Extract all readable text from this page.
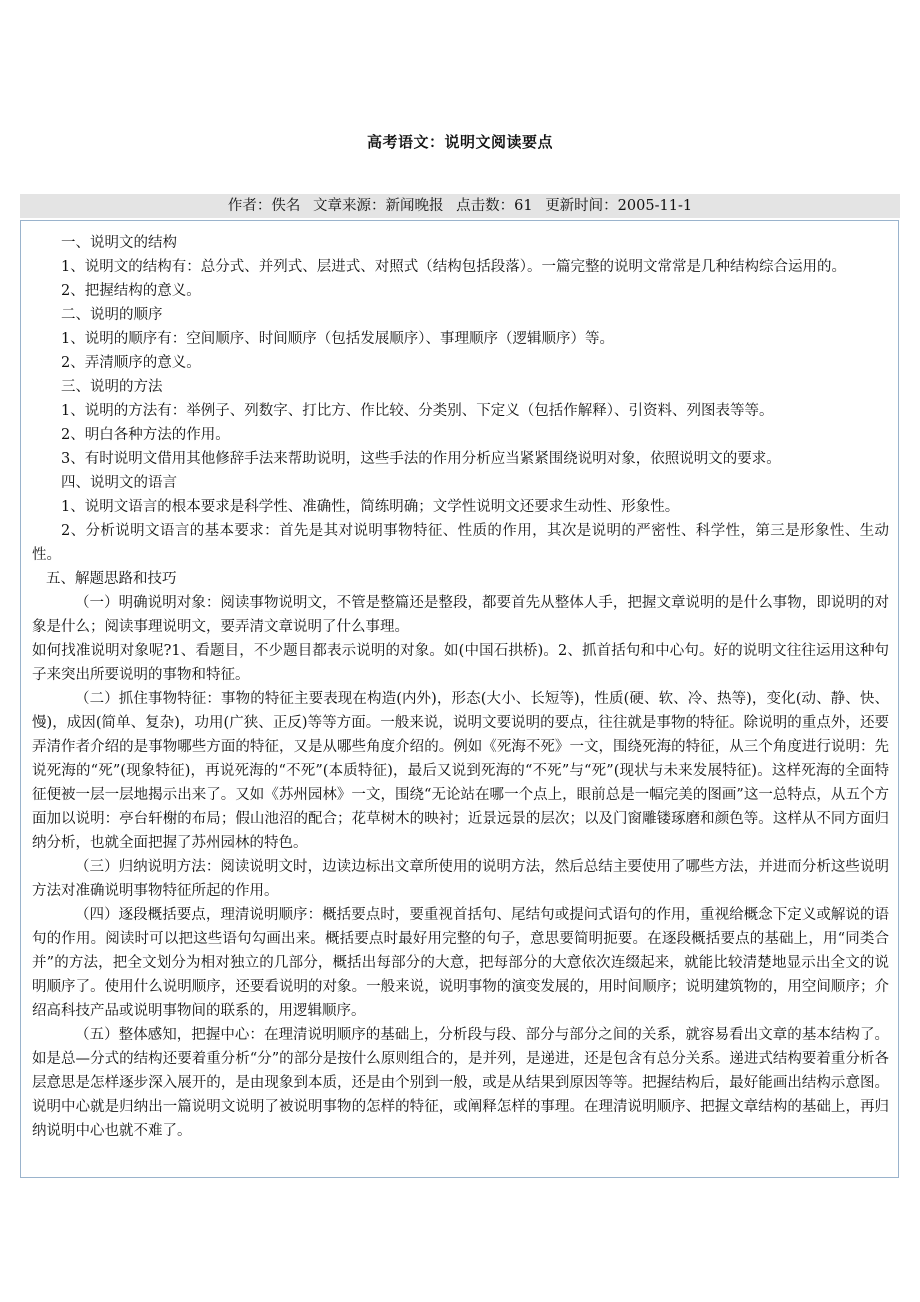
高考语文：说明文阅读要点
作者：佚名 文章来源：新闻晚报 点击数：61 更新时间：2005-11-1

一、说明文的结构

1、说明文的结构有：总分式、并列式、层进式、对照式（结构包括段落）。一篇完整的说明文常常是几种结构综合运用的。

2、把握结构的意义。

二、说明的顺序

1、说明的顺序有：空间顺序、时间顺序（包括发展顺序）、事理顺序（逻辑顺序）等。

2、弄清顺序的意义。

三、说明的方法

1、说明的方法有：举例子、列数字、打比方、作比较、分类别、下定义（包括作解释）、引资料、列图表等等。

2、明白各种方法的作用。

3、有时说明文借用其他修辞手法来帮助说明，这些手法的作用分析应当紧紧围绕说明对象，依照说明文的要求。

四、说明文的语言

1、说明文语言的根本要求是科学性、准确性，简练明确；文学性说明文还要求生动性、形象性。

2、分析说明文语言的基本要求：首先是其对说明事物特征、性质的作用，其次是说明的严密性、科学性，第三是形象性、生动性。

五、解题思路和技巧

（一）明确说明对象：阅读事物说明文，不管是整篇还是整段，都要首先从整体人手，把握文章说明的是什么事物，即说明的对象是什么；阅读事理说明文，要弄清文章说明了什么事理。

如何找准说明对象呢?1、看题目，不少题目都表示说明的对象。如(中国石拱桥)。2、抓首括句和中心句。好的说明文往往运用这种句子来突出所要说明的事物和特征。

（二）抓住事物特征：事物的特征主要表现在构造(内外)，形态(大小、长短等)，性质(硬、软、冷、热等)，变化(动、静、快、慢)，成因(简单、复杂)，功用(广狭、正反)等等方面。一般来说，说明文要说明的要点，往往就是事物的特征。除说明的重点外，还要弄清作者介绍的是事物哪些方面的特征，又是从哪些角度介绍的。例如《死海不死》一文，围绕死海的特征，从三个角度进行说明：先说死海的“死”(现象特征)，再说死海的“不死”(本质特征)，最后又说到死海的“不死”与“死”(现状与未来发展特征)。这样死海的全面特征便被一层一层地揭示出来了。又如《苏州园林》一文，围绕“无论站在哪一个点上，眼前总是一幅完美的图画”这一总特点，从五个方面加以说明：亭台轩榭的布局；假山池沼的配合；花草树木的映衬；近景远景的层次；以及门窗雕镂琢磨和颜色等。这样从不同方面归纳分析，也就全面把握了苏州园林的特色。

（三）归纳说明方法：阅读说明文时，边读边标出文章所使用的说明方法，然后总结主要使用了哪些方法，并进而分析这些说明方法对准确说明事物特征所起的作用。

（四）逐段概括要点，理清说明顺序：概括要点时，要重视首括句、尾结句或提问式语句的作用，重视给概念下定义或解说的语句的作用。阅读时可以把这些语句勾画出来。概括要点时最好用完整的句子，意思要简明扼要。在逐段概括要点的基础上，用“同类合并”的方法，把全文划分为相对独立的几部分，概括出每部分的大意，把每部分的大意依次连缀起来，就能比较清楚地显示出全文的说明顺序了。使用什么说明顺序，还要看说明的对象。一般来说，说明事物的演变发展的，用时间顺序；说明建筑物的，用空间顺序；介绍高科技产品或说明事物间的联系的，用逻辑顺序。

（五）整体感知，把握中心：在理清说明顺序的基础上，分析段与段、部分与部分之间的关系，就容易看出文章的基本结构了。如是总—分式的结构还要着重分析“分”的部分是按什么原则组合的，是并列，是递进，还是包含有总分关系。递进式结构要着重分析各层意思是怎样逐步深入展开的，是由现象到本质，还是由个别到一般，或是从结果到原因等等。把握结构后，最好能画出结构示意图。说明中心就是归纳出一篇说明文说明了被说明事物的怎样的特征，或阐释怎样的事理。在理清说明顺序、把握文章结构的基础上，再归纳说明中心也就不难了。
